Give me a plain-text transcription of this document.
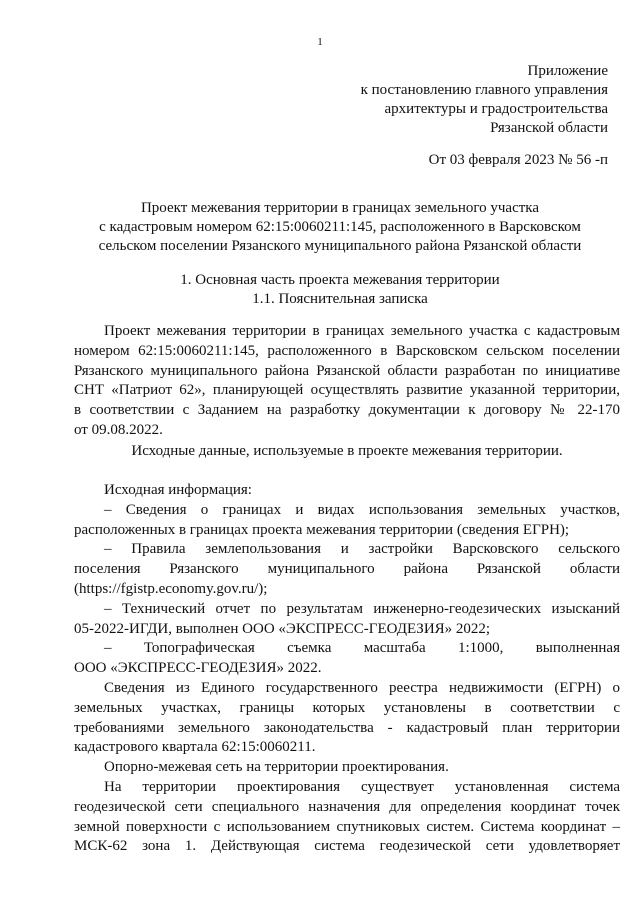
1
Приложение
к постановлению главного управления
архитектуры и градостроительства
Рязанской области
От 03 февраля 2023 № 56 -п
Проект межевания территории в границах земельного участка
с кадастровым номером 62:15:0060211:145, расположенного в Варсковском
сельском поселении Рязанского муниципального района Рязанской области
1. Основная часть проекта межевания территории
1.1. Пояснительная записка
Проект межевания территории в границах земельного участка с кадастровым
номером 62:15:0060211:145, расположенного в Варсковском сельском поселении
Рязанского муниципального района Рязанской области разработан по инициативе
СНТ «Патриот 62», планирующей осуществлять развитие указанной территории,
в соответствии с Заданием на разработку документации к договору № 22-170
от 09.08.2022.
Исходные данные, используемые в проекте межевания территории.
Исходная информация:
– Сведения о границах и видах использования земельных участков,
расположенных в границах проекта межевания территории (сведения ЕГРН);
– Правила землепользования и застройки Варсковского сельского
поселения Рязанского муниципального района Рязанской области
(https://fgistp.economy.gov.ru/);
– Технический отчет по результатам инженерно-геодезических изысканий
05-2022-ИГДИ, выполнен ООО «ЭКСПРЕСС-ГЕОДЕЗИЯ» 2022;
– Топографическая съемка масштаба 1:1000, выполненная
ООО «ЭКСПРЕСС-ГЕОДЕЗИЯ» 2022.
Сведения из Единого государственного реестра недвижимости (ЕГРН) о
земельных участках, границы которых установлены в соответствии с
требованиями земельного законодательства - кадастровый план территории
кадастрового квартала 62:15:0060211.
Опорно-межевая сеть на территории проектирования.
На территории проектирования существует установленная система
геодезической сети специального назначения для определения координат точек
земной поверхности с использованием спутниковых систем. Система координат –
МСК-62 зона 1. Действующая система геодезической сети удовлетворяет
